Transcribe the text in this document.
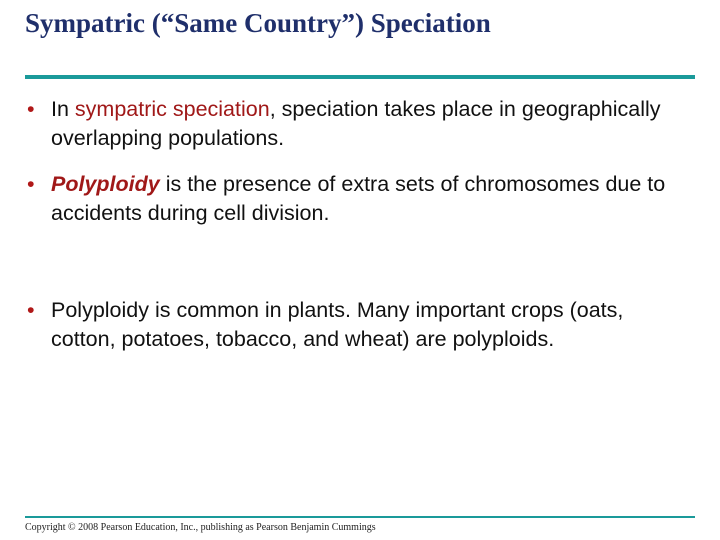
Sympatric (“Same Country”) Speciation
• In sympatric speciation, speciation takes place in geographically overlapping populations.
• Polyploidy is the presence of extra sets of chromosomes due to accidents during cell division.
• Polyploidy is common in plants. Many important crops (oats, cotton, potatoes, tobacco, and wheat) are polyploids.
Copyright © 2008 Pearson Education, Inc., publishing as Pearson Benjamin Cummings
